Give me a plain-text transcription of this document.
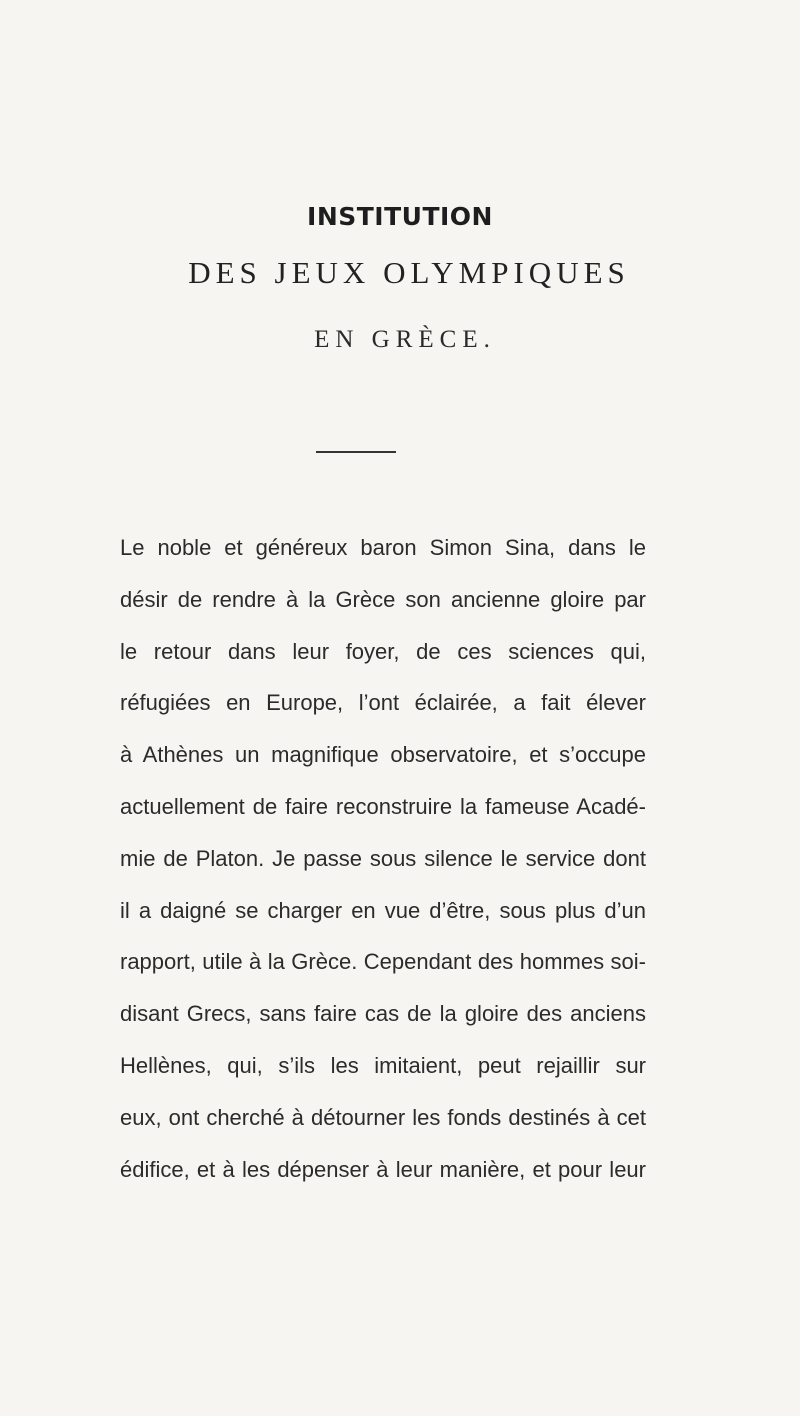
INSTITUTION
DES JEUX OLYMPIQUES
EN GRÈCE.
Le noble et généreux baron Simon Sina, dans le
désir de rendre à la Grèce son ancienne gloire par
le retour dans leur foyer, de ces sciences qui,
réfugiées en Europe, l’ont éclairée, a fait élever
à Athènes un magnifique observatoire, et s’occupe
actuellement de faire reconstruire la fameuse Acadé-
mie de Platon. Je passe sous silence le service dont
il a daigné se charger en vue d’être, sous plus d’un
rapport, utile à la Grèce. Cependant des hommes soi-
disant Grecs, sans faire cas de la gloire des anciens
Hellènes, qui, s’ils les imitaient, peut rejaillir sur
eux, ont cherché à détourner les fonds destinés à cet
édifice, et à les dépenser à leur manière, et pour leur
